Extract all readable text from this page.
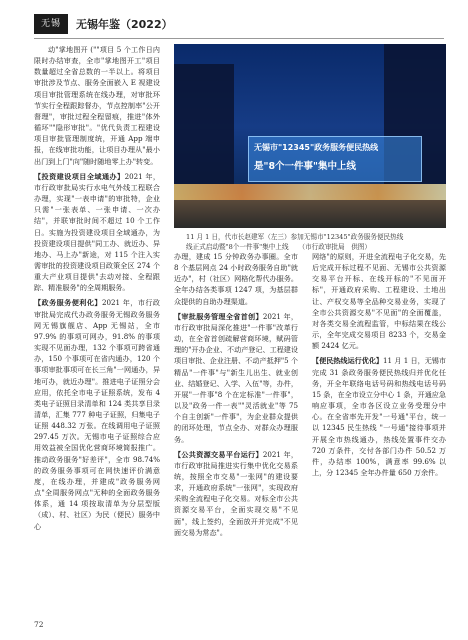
无锡	无锡年鉴（2022）

动"掌地图开 (""项目 5 个工作日内限时办结审查，全市"掌地图开工"项目数量超过全省总数的一半以上。将项目审批涉及节点、服务全面嵌入 E 视建设项目审批管理系统在线办理，对审批环节实行全程跟踪督办，节点控制率"公开督理"，审批过程全程留痕，推进"体外循环""隐形审批"。"优代负责工程建设项目审批管理制度统，开通 App 端申报，在线审批功能，让项目办理从"最小出门到上门"向"随时随地零上办"转变。

【投资建设项目全域通办】2021 年，市行政审批局实行水电气外线工程联合办理，实现"一表申请"的审批特，企业只需"一张表单、一张申请、一次办结"，并联审批时间不超过 10 个工作日。实施为投资建设项目全域通办，为投资建设项目提供"同工办、就近办、异地办、马上办"新途，对 115 个注入实需审批的投资建设项目政策全区 274 个重大产业项目提供"去动对接、全程跟踪、精准服务"的全周期服务。

【政务服务便利化】2021 年，市行政审批局完成代办政务服务无锡政务服务网无锡旗舰店、App 无锡站，全市 97.9% 的事项可网办，91.8% 的事项实现不见面办理，132 个事项可跨省通办，150 个事项可在省内通办，120 个事项审批事项可在长三角"一网通办，异地可办，就近办理"。推进电子证照分会应用，依托全市电子证照系统，发布 4 类电子证照目录清单和 124 类共享目录清单，汇集 777 种电子证照，归集电子证照 448.32 万张。在线调用电子证照 297.45 万次。无锡市电子证照综合应用效益被全国优化营商环境简报推广。推动政务服务"好差评"，全市 98.74% 的政务服务事项可在网快速评价满意度，在线办理，并建成"政务服务网点"全周服务网点"无种的全面政务服务体系，通 14 项按取清单为分层型版（成）、村、社区）为民（便民）服务中心

无锡市"12345"政务服务便民热线
是"8个一件事"集中上线

11 月 1 日，代市长赵建军（左三）参加无锡市"12345"政务服务便民热线

线正式启动暨"8个一件事"集中上线　　（市行政审批局　供图）

办理，建成 15 分钟政务办事圈。全市 8 个基层网点 24 小时政务服务自助"就近办"，村（社区）网格化帮代办服务。全年办结各类事项 1247 项，为基层群众提供的自助办理渠道。

【审批服务管理全省首创】2021 年，市行政审批局深化推进"一件事"改革行动，在全省首创疏解营商环境，赋码管理的"开办企业、不动产登记、工程建设项目审批、企业注册、不动产抵押"5 个精品"一件事"与"新生儿出生、就业创业、结婚登记、入学、入伍"等，办件，开展"一件事"8 个在定标准"一件事"，以及"政务一件一表""灵活就业"等 75 个自主创新"一件事"，为企业群众提供的闭环处理，节点全办、对群众办理服务。

【公共资源交易平台运行】2021 年，市行政审批局推进实行集中优化交易系统，按照全市交易"一张网"的建设要求，开通政府系统"一张网"，实现政府采购全流程电子化交易。对标全市公共资源交易平台，全面实现交易"不见面"，线上签约，全面放开并完成"不见面交易为常态"。

网络"的原则，开进全流程电子化交易，先后完成开标过程不见面、无锡市公共资源交易平台开标、在线开标的"不见面开标"，开通政府采购、工程建设、土地出让、产权交易等全品种交易业务，实现了全市公共资源交易"不见面"的全面覆盖，对各类交易全流程监管，中标结果在线公示，全年完成交易项目 8233 个，交易金额 2424 亿元。

【便民热线运行优化】11 月 1 日，无锡市完成 31 条政务服务便民热线归并优化任务，开全年联络电话号码和热线电话号码 15 条，在全市设立分中心 1 条，开通应急响应事项，全市各区设立业务受理分中心。在全省率先开发"一号通"平台，统一以 12345 民生热线 "一号通"接待事项并开展全市热线通办，热线处置事件交办 720 万条件，交付各部门办件 50.52 万件，办结率 100%，满意率 99.6% 以上，分 12345 全年办件量 650 万余件。

72
